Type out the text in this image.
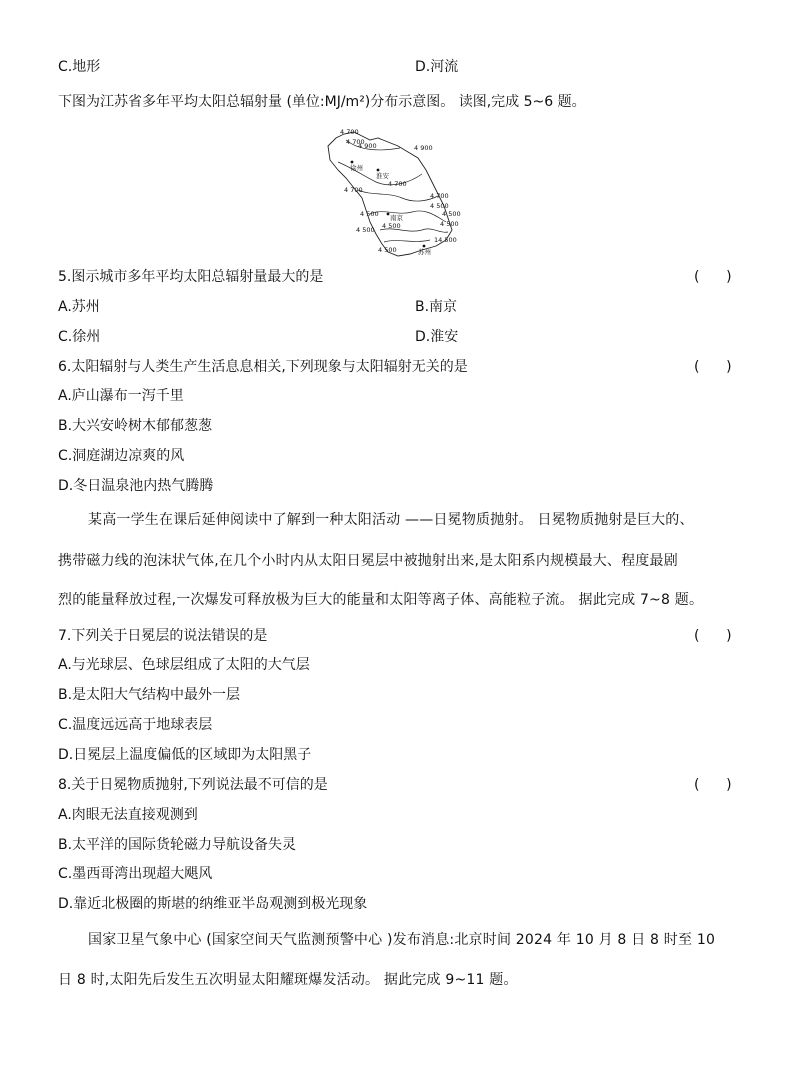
C.地形	D.河流
下图为江苏省多年平均太阳总辐射量 (单位:MJ/m²)分布示意图。 读图,完成 5~6 题。
4 700
4 700
4 900	4 900
4 700
4 700
4 700
4 500
4 500	4 500
4 500
4 500 4 500
4 500
14 500
徐州
淮安
南京
苏州
5.图示城市多年平均太阳总辐射量最大的是	(      )
A.苏州	B.南京
C.徐州	D.淮安
6.太阳辐射与人类生产生活息息相关,下列现象与太阳辐射无关的是	(      )
A.庐山瀑布一泻千里
B.大兴安岭树木郁郁葱葱
C.洞庭湖边凉爽的风
D.冬日温泉池内热气腾腾
某高一学生在课后延伸阅读中了解到一种太阳活动 ——日冕物质抛射。 日冕物质抛射是巨大的、
携带磁力线的泡沫状气体,在几个小时内从太阳日冕层中被抛射出来,是太阳系内规模最大、程度最剧
烈的能量释放过程,一次爆发可释放极为巨大的能量和太阳等离子体、高能粒子流。 据此完成 7~8 题。
7.下列关于日冕层的说法错误的是	(      )
A.与光球层、色球层组成了太阳的大气层
B.是太阳大气结构中最外一层
C.温度远远高于地球表层
D.日冕层上温度偏低的区域即为太阳黑子
8.关于日冕物质抛射,下列说法最不可信的是	(      )
A.肉眼无法直接观测到
B.太平洋的国际货轮磁力导航设备失灵
C.墨西哥湾出现超大飓风
D.靠近北极圈的斯堪的纳维亚半岛观测到极光现象
国家卫星气象中心 (国家空间天气监测预警中心 )发布消息:北京时间 2024 年 10 月 8 日 8 时至 10
日 8 时,太阳先后发生五次明显太阳耀斑爆发活动。 据此完成 9~11 题。
